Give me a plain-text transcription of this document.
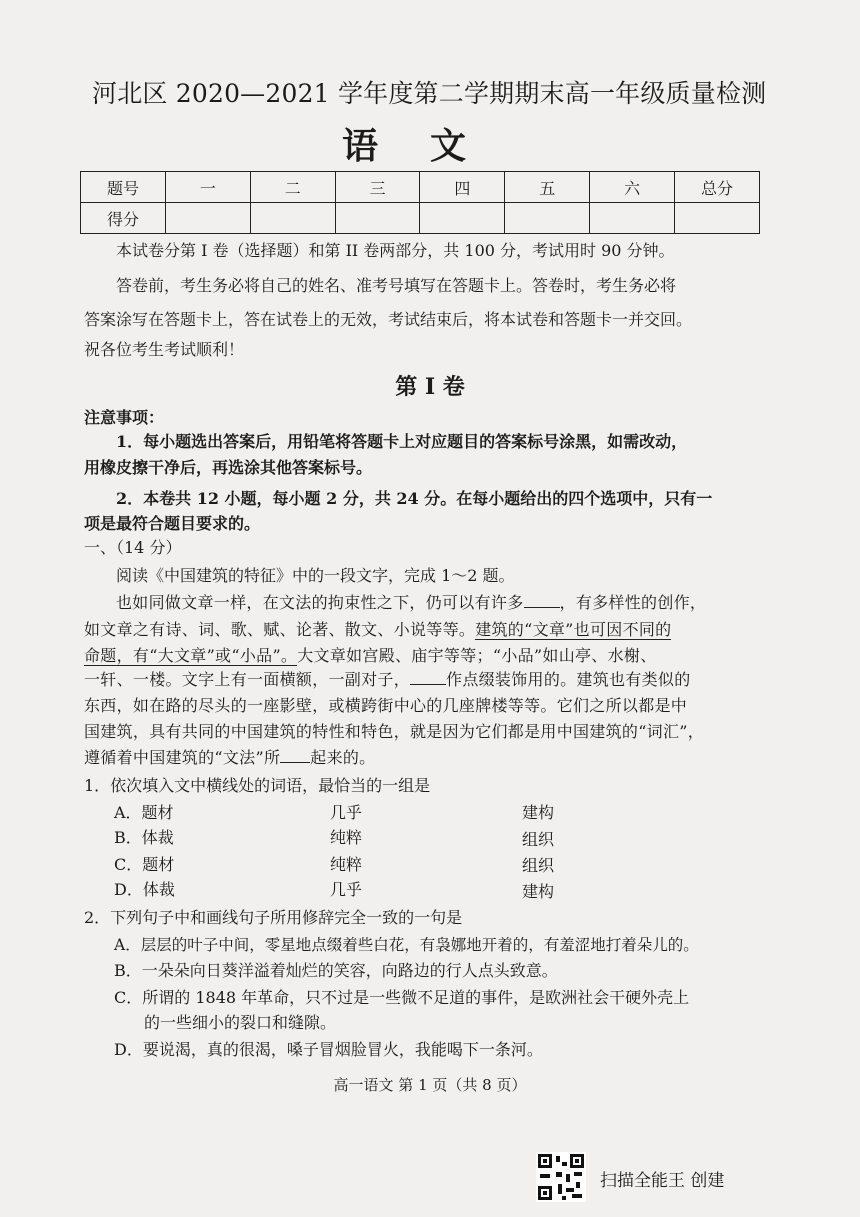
河北区 2020—2021 学年度第二学期期末高一年级质量检测
语文
题号	一	二	三	四	五	六	总分
得分							
本试卷分第 I 卷（选择题）和第 II 卷两部分，共 100 分，考试用时 90 分钟。
答卷前，考生务必将自己的姓名、准考号填写在答题卡上。答卷时，考生务必将
答案涂写在答题卡上，答在试卷上的无效，考试结束后，将本试卷和答题卡一并交回。
祝各位考生考试顺利！
第 I 卷
注意事项：
1．每小题选出答案后，用铅笔将答题卡上对应题目的答案标号涂黑，如需改动，
用橡皮擦干净后，再选涂其他答案标号。
2．本卷共 12 小题，每小题 2 分，共 24 分。在每小题给出的四个选项中，只有一
项是最符合题目要求的。
一、（14 分）
阅读《中国建筑的特征》中的一段文字，完成 1～2 题。
也如同做文章一样，在文法的拘束性之下，仍可以有许多 ，有多样性的创作，
如文章之有诗、词、歌、赋、论著、散文、小说等等。建筑的“文章”也可因不同的
命题，有“大文章”或“小品”。大文章如宫殿、庙宇等等；“小品”如山亭、水榭、
一轩、一楼。文字上有一面横额，一副对子， 作点缀装饰用的。建筑也有类似的
东西，如在路的尽头的一座影壁，或横跨街中心的几座牌楼等等。它们之所以都是中
国建筑，具有共同的中国建筑的特性和特色，就是因为它们都是用中国建筑的“词汇”，
遵循着中国建筑的“文法”所 起来的。
1．依次填入文中横线处的词语，最恰当的一组是
A．题材	几乎	建构
B．体裁	纯粹	组织
C．题材	纯粹	组织
D．体裁	几乎	建构
2．下列句子中和画线句子所用修辞完全一致的一句是
A．层层的叶子中间，零星地点缀着些白花，有袅娜地开着的，有羞涩地打着朵儿的。
B．一朵朵向日葵洋溢着灿烂的笑容，向路边的行人点头致意。
C．所谓的 1848 年革命，只不过是一些微不足道的事件，是欧洲社会干硬外壳上
的一些细小的裂口和缝隙。
D．要说渴，真的很渴，嗓子冒烟脸冒火，我能喝下一条河。
高一语文 第 1 页（共 8 页）
扫描全能王 创建
